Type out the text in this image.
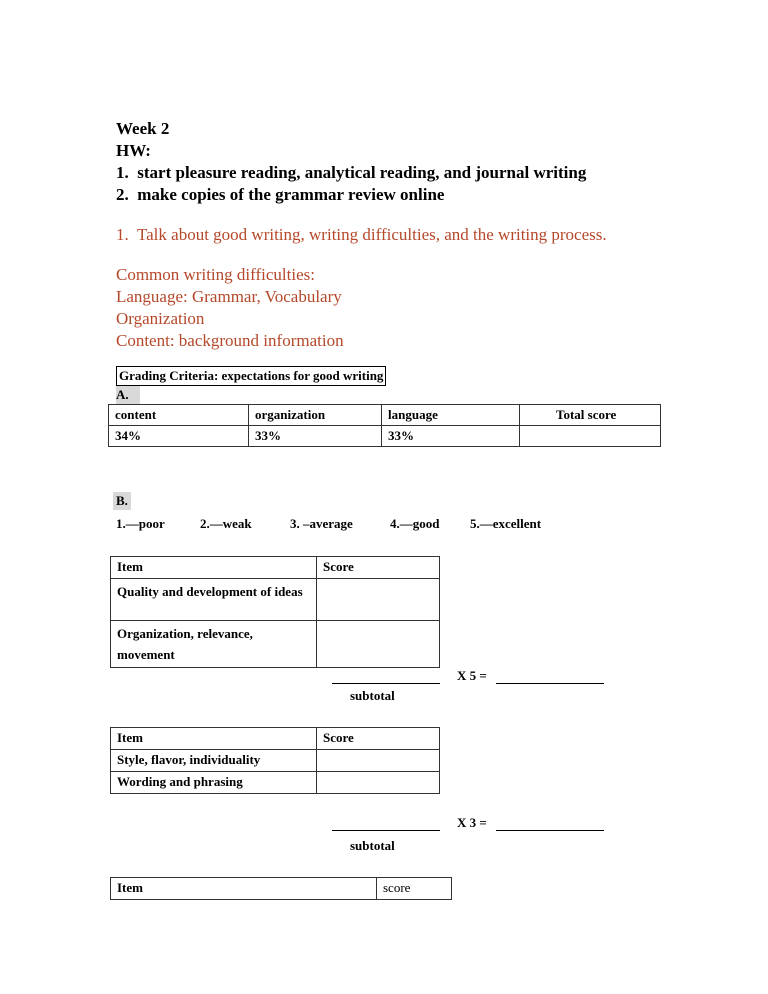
Week 2
HW:
1.  start pleasure reading, analytical reading, and journal writing
2.  make copies of the grammar review online
1.  Talk about good writing, writing difficulties, and the writing process.
Common writing difficulties:
Language: Grammar, Vocabulary
Organization
Content: background information
Grading Criteria: expectations for good writing
A.
content	organization	language	Total score
34%	33%	33%	
B.
1.—poor	2.—weak	3. –average	4.—good 5.—excellent
Item	Score
Quality and development of ideas	
Organization, relevance, movement	
X 5 =
subtotal
Item	Score
Style, flavor, individuality	
Wording and phrasing	
X 3 =
subtotal
Item	score
